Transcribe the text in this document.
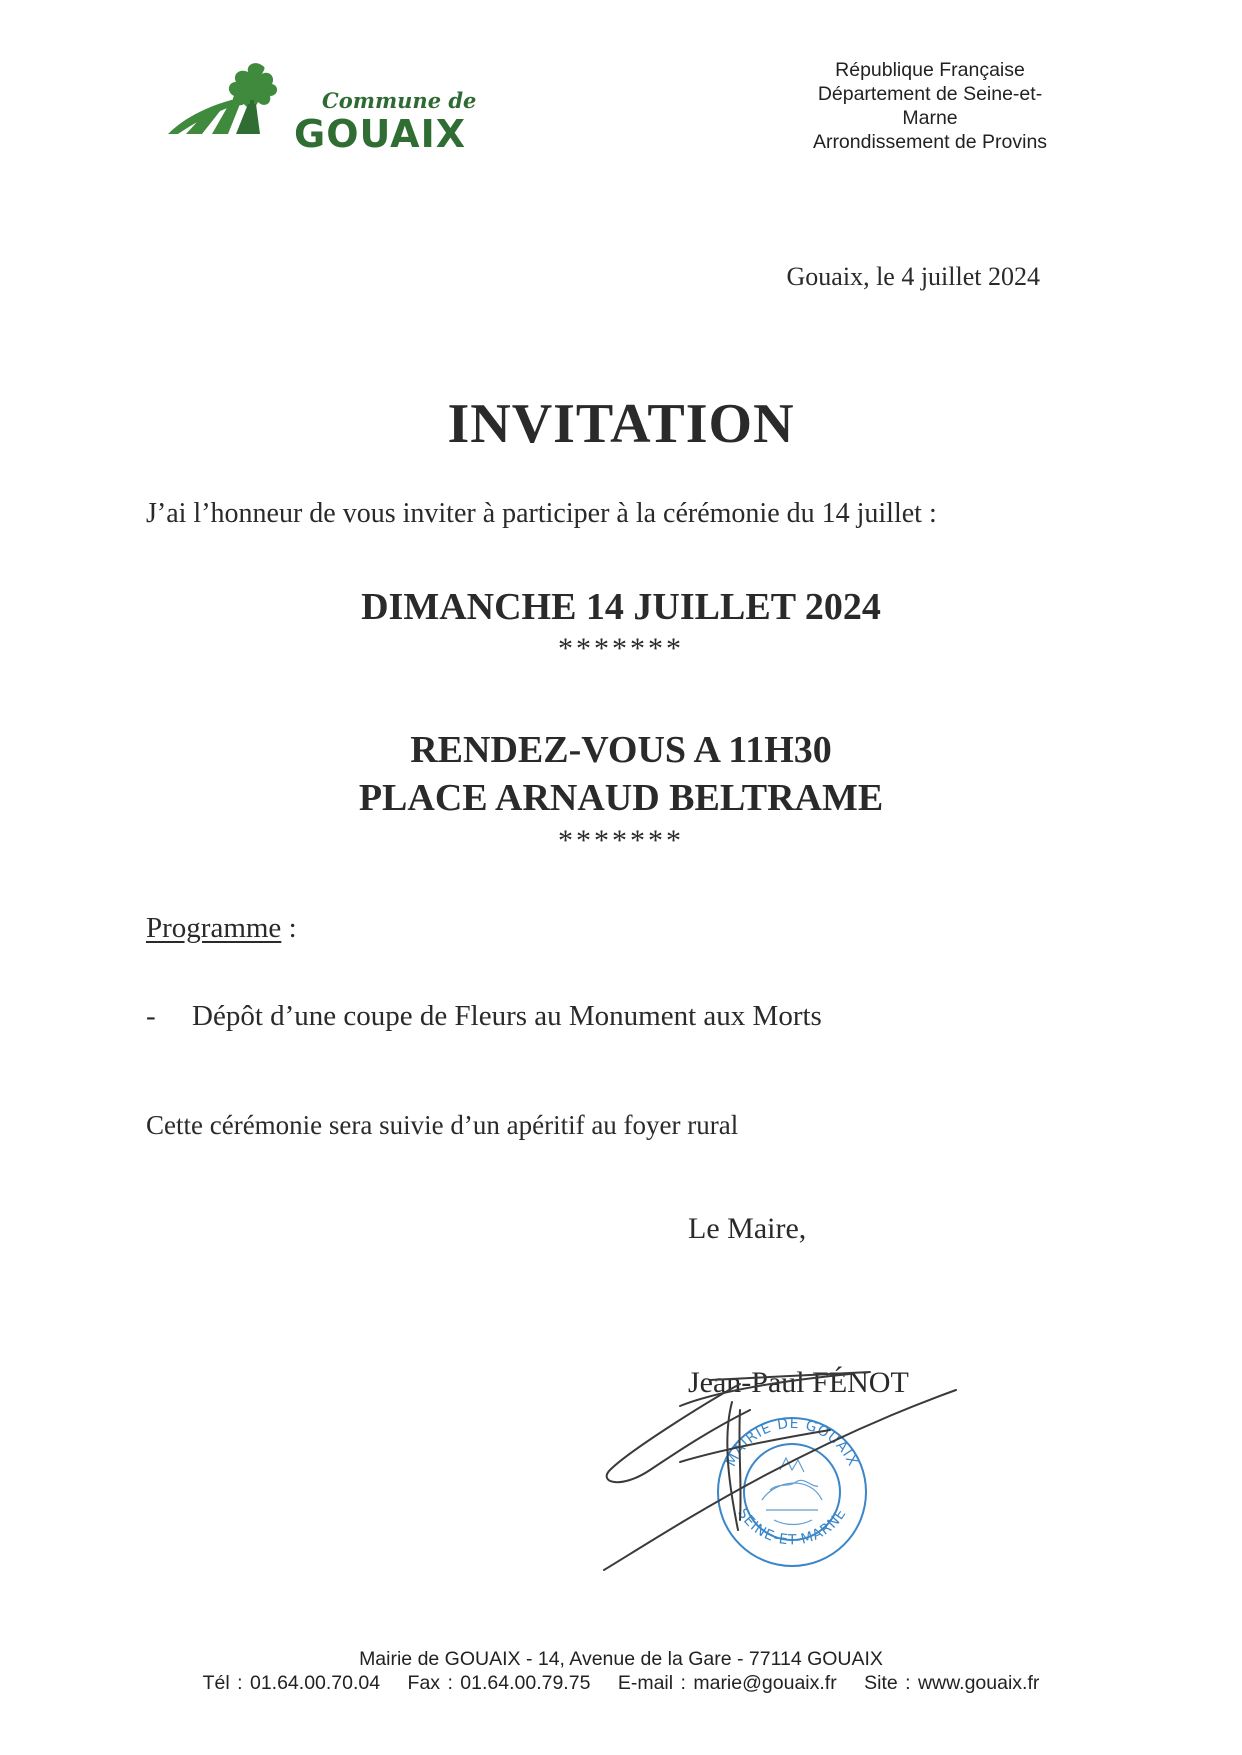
Commune de
GOUAIX
République Française
Département de Seine-et-
Marne
Arrondissement de Provins
Gouaix, le 4 juillet 2024
INVITATION
J’ai l’honneur de vous inviter à participer à la cérémonie du 14 juillet :
DIMANCHE 14 JUILLET 2024
*******
RENDEZ-VOUS A 11H30
PLACE ARNAUD BELTRAME
*******
Programme :
- Dépôt d’une coupe de Fleurs au Monument aux Morts
Cette cérémonie sera suivie d’un apéritif au foyer rural
Le Maire,
Jean-Paul FÉNOT
MAIRIE DE GOUAIX
SEINE-ET-MARNE
Mairie de GOUAIX - 14, Avenue de la Gare - 77114 GOUAIX
Tél : 01.64.00.70.04 Fax : 01.64.00.79.75 E-mail : marie@gouaix.fr Site : www.gouaix.fr
